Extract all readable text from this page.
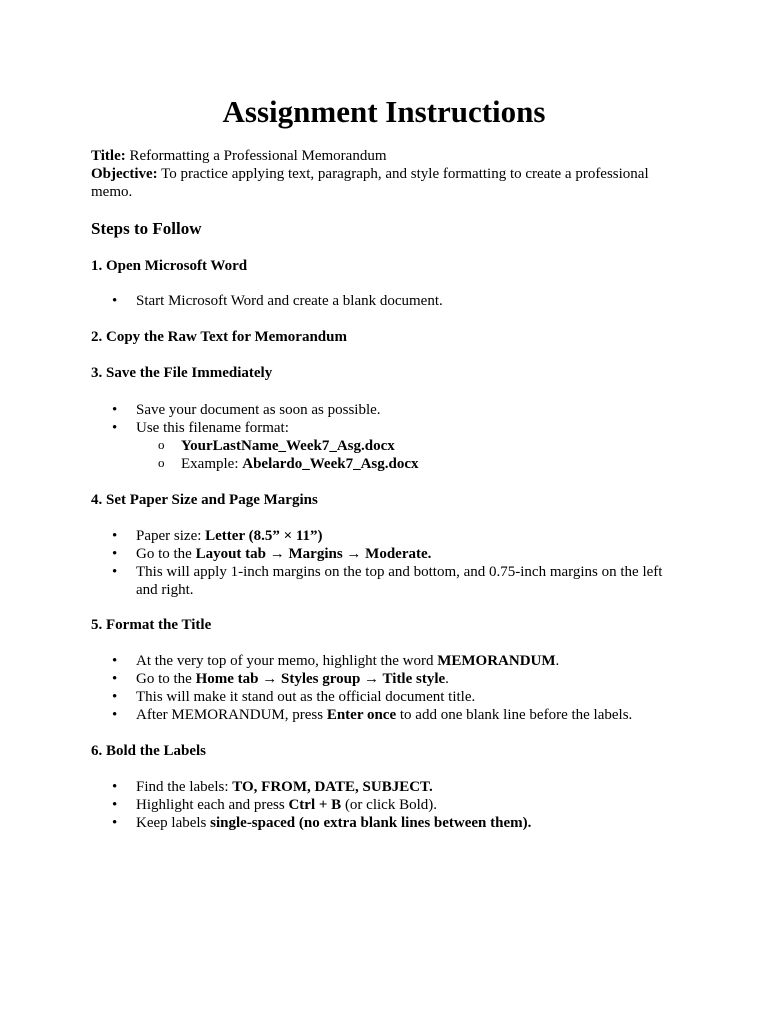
Assignment Instructions
Title: Reformatting a Professional Memorandum
Objective: To practice applying text, paragraph, and style formatting to create a professional memo.
Steps to Follow
1. Open Microsoft Word
• Start Microsoft Word and create a blank document.
2. Copy the Raw Text for Memorandum
3. Save the File Immediately
• Save your document as soon as possible.
• Use this filename format:
o YourLastName_Week7_Asg.docx
o Example: Abelardo_Week7_Asg.docx
4. Set Paper Size and Page Margins
• Paper size: Letter (8.5” × 11”)
• Go to the Layout tab → Margins → Moderate.
• This will apply 1-inch margins on the top and bottom, and 0.75-inch margins on the left and right.
5. Format the Title
• At the very top of your memo, highlight the word MEMORANDUM.
• Go to the Home tab → Styles group → Title style.
• This will make it stand out as the official document title.
• After MEMORANDUM, press Enter once to add one blank line before the labels.
6. Bold the Labels
• Find the labels: TO, FROM, DATE, SUBJECT.
• Highlight each and press Ctrl + B (or click Bold).
• Keep labels single-spaced (no extra blank lines between them).
